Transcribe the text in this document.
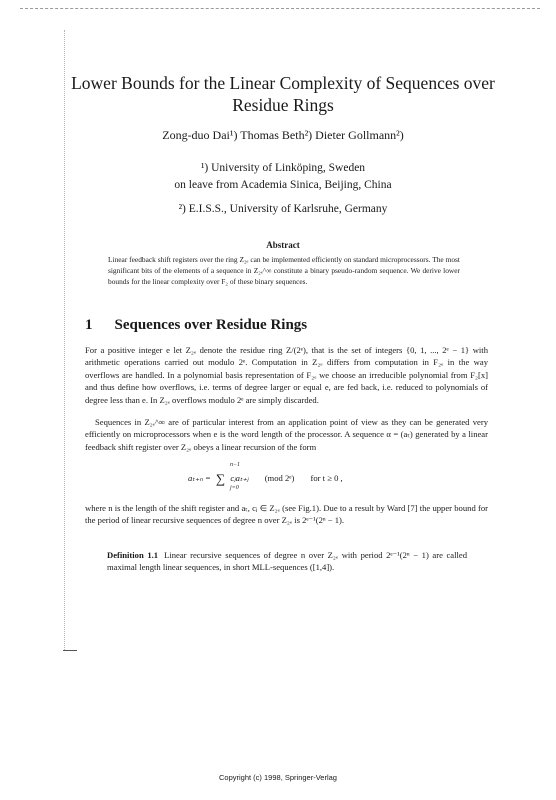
Lower Bounds for the Linear Complexity of Sequences over Residue Rings
Zong-duo Dai¹) Thomas Beth²) Dieter Gollmann²)
¹) University of Linköping, Sweden
on leave from Academia Sinica, Beijing, China
²) E.I.S.S., University of Karlsruhe, Germany
Abstract
Linear feedback shift registers over the ring Z₂ₑ can be implemented efficiently on standard microprocessors. The most significant bits of the elements of a sequence in Z₂ₑ^∞ constitute a binary pseudo-random sequence. We derive lower bounds for the linear complexity over F₂ of these binary sequences.
1 Sequences over Residue Rings
For a positive integer e let Z₂ₑ denote the residue ring Z/(2ᵉ), that is the set of integers {0, 1, ..., 2ᵉ − 1} with arithmetic operations carried out modulo 2ᵉ. Computation in Z₂ₑ differs from computation in F₂ₑ in the way overflows are handled. In a polynomial basis representation of F₂ₑ we choose an irreducible polynomial from F₂[x] and thus define how overflows, i.e. terms of degree larger or equal e, are fed back, i.e. reduced to polynomials of degree less than e. In Z₂ₑ overflows modulo 2ᵉ are simply discarded.
Sequences in Z₂ₑ^∞ are of particular interest from an application point of view as they can be generated very efficiently on microprocessors when e is the word length of the processor. A sequence α = (aₜ) generated by a linear feedback shift register over Z₂ₑ obeys a linear recursion of the form
aₜ₊ₙ =
n−1
∑
j=0
cⱼaₜ₊ⱼ (mod 2ᵉ) for t ≥ 0 ,
where n is the length of the shift register and aₜ, cⱼ ∈ Z₂ₑ (see Fig.1). Due to a result by Ward [7] the upper bound for the period of linear recursive sequences of degree n over Z₂ₑ is 2ᵉ⁻¹(2ⁿ − 1).
Definition 1.1 Linear recursive sequences of degree n over Z₂ₑ with period 2ᵉ⁻¹(2ⁿ − 1) are called maximal length linear sequences, in short MLL-sequences ([1,4]).
Copyright (c) 1998, Springer-Verlag
